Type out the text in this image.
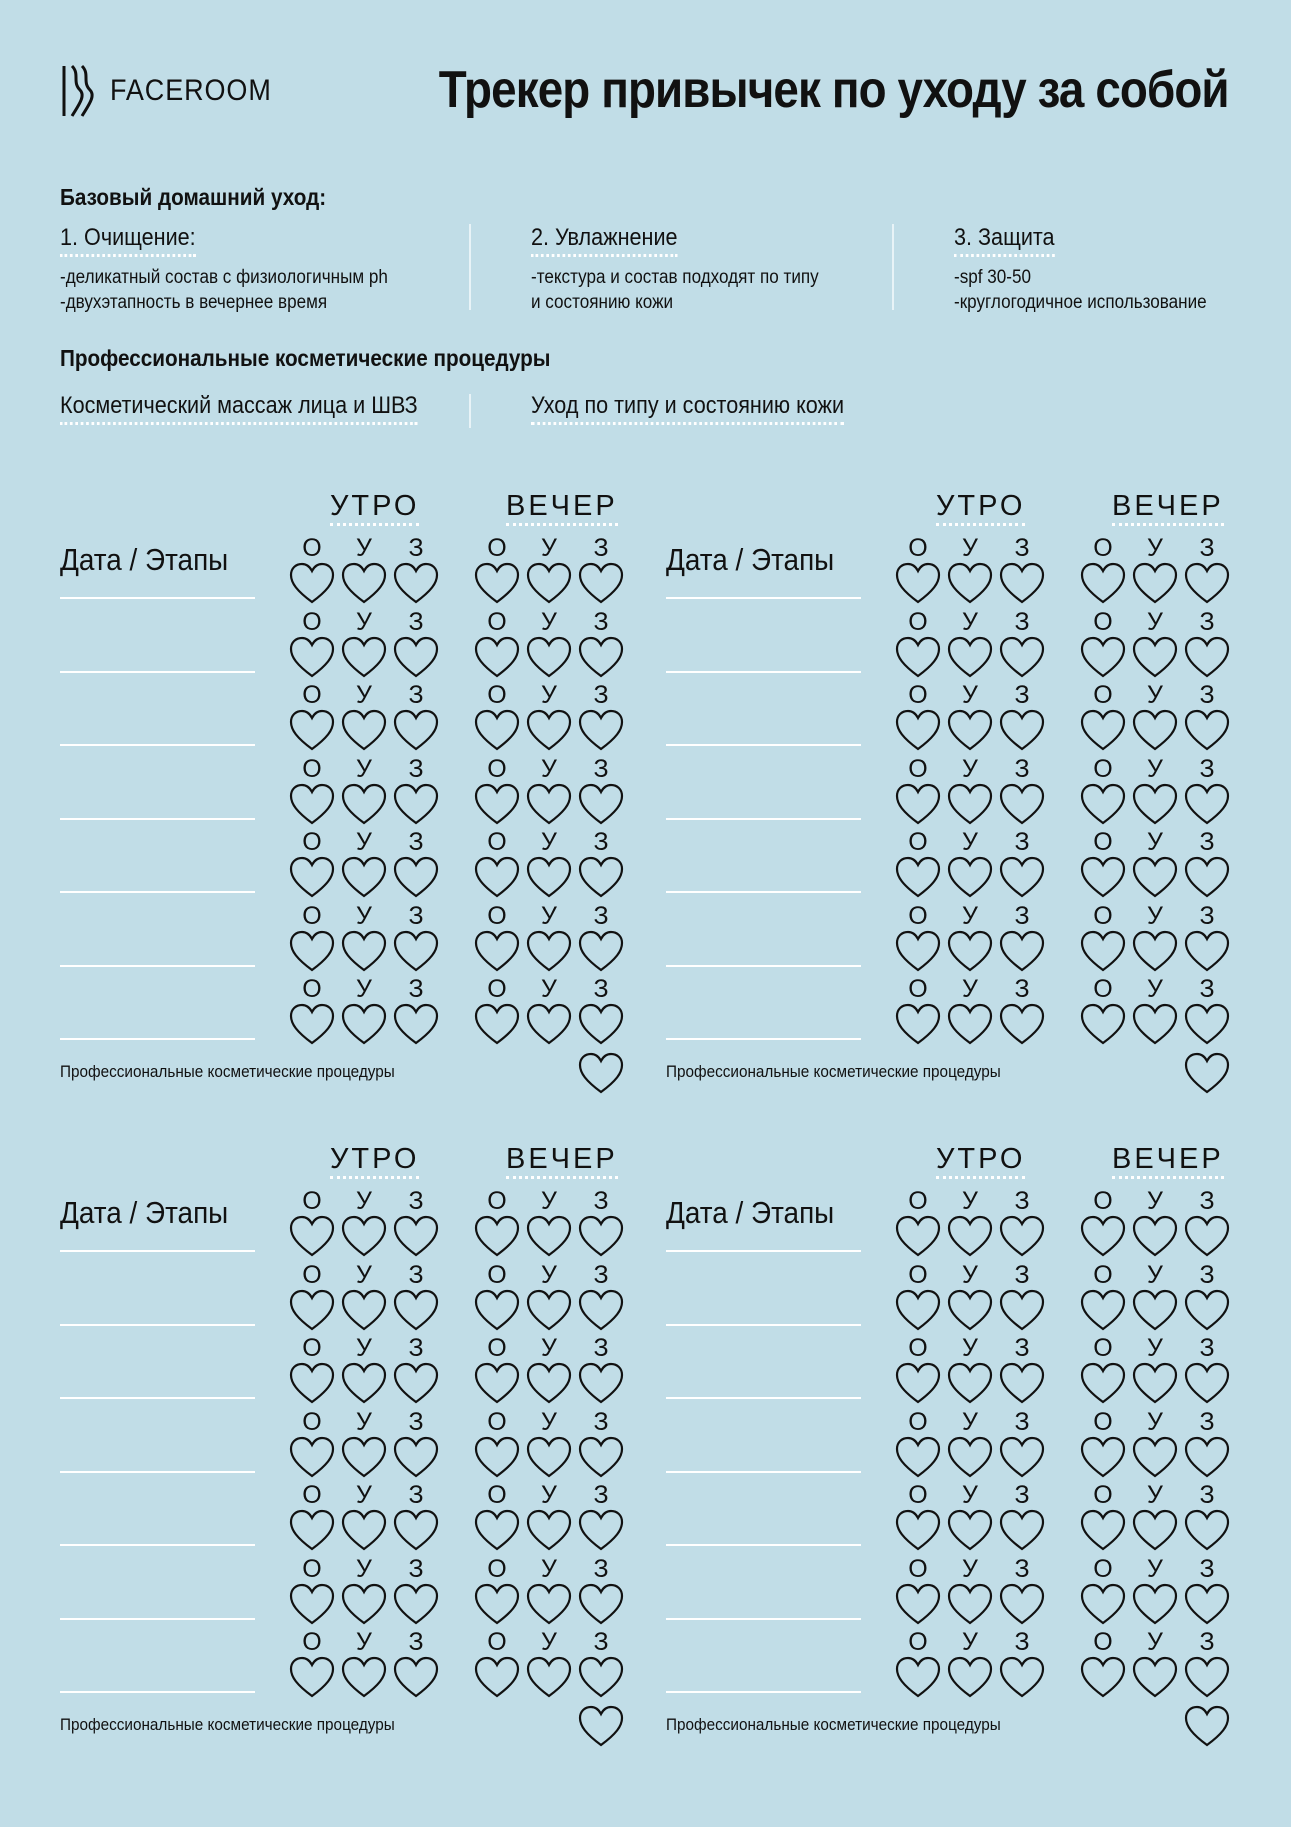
FACEROOM	Трекер привычек по уходу за собой
Базовый домашний уход:
1. Очищение:
-деликатный состав с физиологичным ph
-двухэтапность в вечернее время
2. Увлажнение
-текстура и состав подходят по типу
и состоянию кожи
3. Защита
-spf 30-50
-круглогодичное использование
Профессиональные косметические процедуры
Косметический массаж лица и ШВЗ	Уход по типу и состоянию кожи
Дата / Этапы
УТРО	ВЕЧЕР
О	У	З	О	У	З
О	У	З	О	У	З
О	У	З	О	У	З
О	У	З	О	У	З
О	У	З	О	У	З
О	У	З	О	У	З
О	У	З	О	У	З
Профессиональные косметические процедуры
Дата / Этапы
УТРО	ВЕЧЕР
О	У	З	О	У	З
О	У	З	О	У	З
О	У	З	О	У	З
О	У	З	О	У	З
О	У	З	О	У	З
О	У	З	О	У	З
О	У	З	О	У	З
Профессиональные косметические процедуры
Дата / Этапы
УТРО	ВЕЧЕР
О	У	З	О	У	З
О	У	З	О	У	З
О	У	З	О	У	З
О	У	З	О	У	З
О	У	З	О	У	З
О	У	З	О	У	З
О	У	З	О	У	З
Профессиональные косметические процедуры
Дата / Этапы
УТРО	ВЕЧЕР
О	У	З	О	У	З
О	У	З	О	У	З
О	У	З	О	У	З
О	У	З	О	У	З
О	У	З	О	У	З
О	У	З	О	У	З
О	У	З	О	У	З
Профессиональные косметические процедуры
